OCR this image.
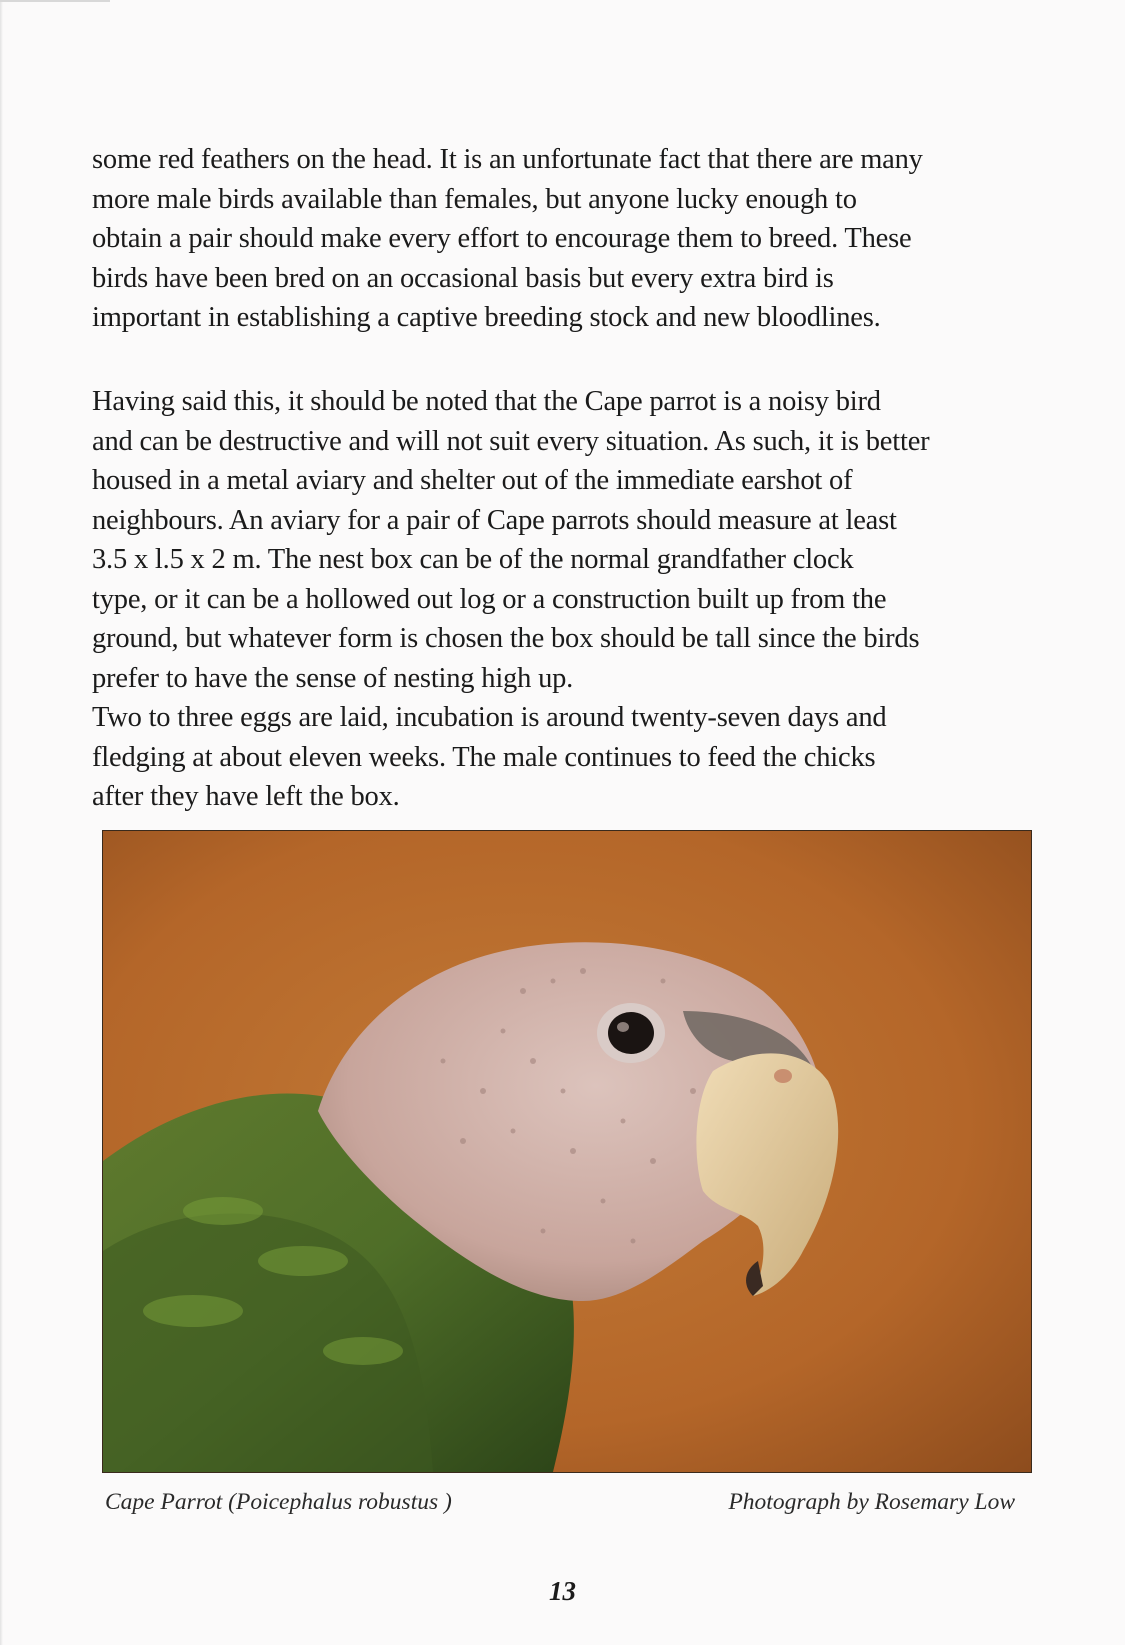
some red feathers on the head. It is an unfortunate fact that there are many
more male birds available than females, but anyone lucky enough to
obtain a pair should make every effort to encourage them to breed. These
birds have been bred on an occasional basis but every extra bird is
important in establishing a captive breeding stock and new bloodlines.
Having said this, it should be noted that the Cape parrot is a noisy bird
and can be destructive and will not suit every situation. As such, it is better
housed in a metal aviary and shelter out of the immediate earshot of
neighbours. An aviary for a pair of Cape parrots should measure at least
3.5 x l.5 x 2 m. The nest box can be of the normal grandfather clock
type, or it can be a hollowed out log or a construction built up from the
ground, but whatever form is chosen the box should be tall since the birds
prefer to have the sense of nesting high up.
Two to three eggs are laid, incubation is around twenty-seven days and
fledging at about eleven weeks. The male continues to feed the chicks
after they have left the box.
Cape Parrot (Poicephalus robustus )	Photograph by Rosemary Low
13
